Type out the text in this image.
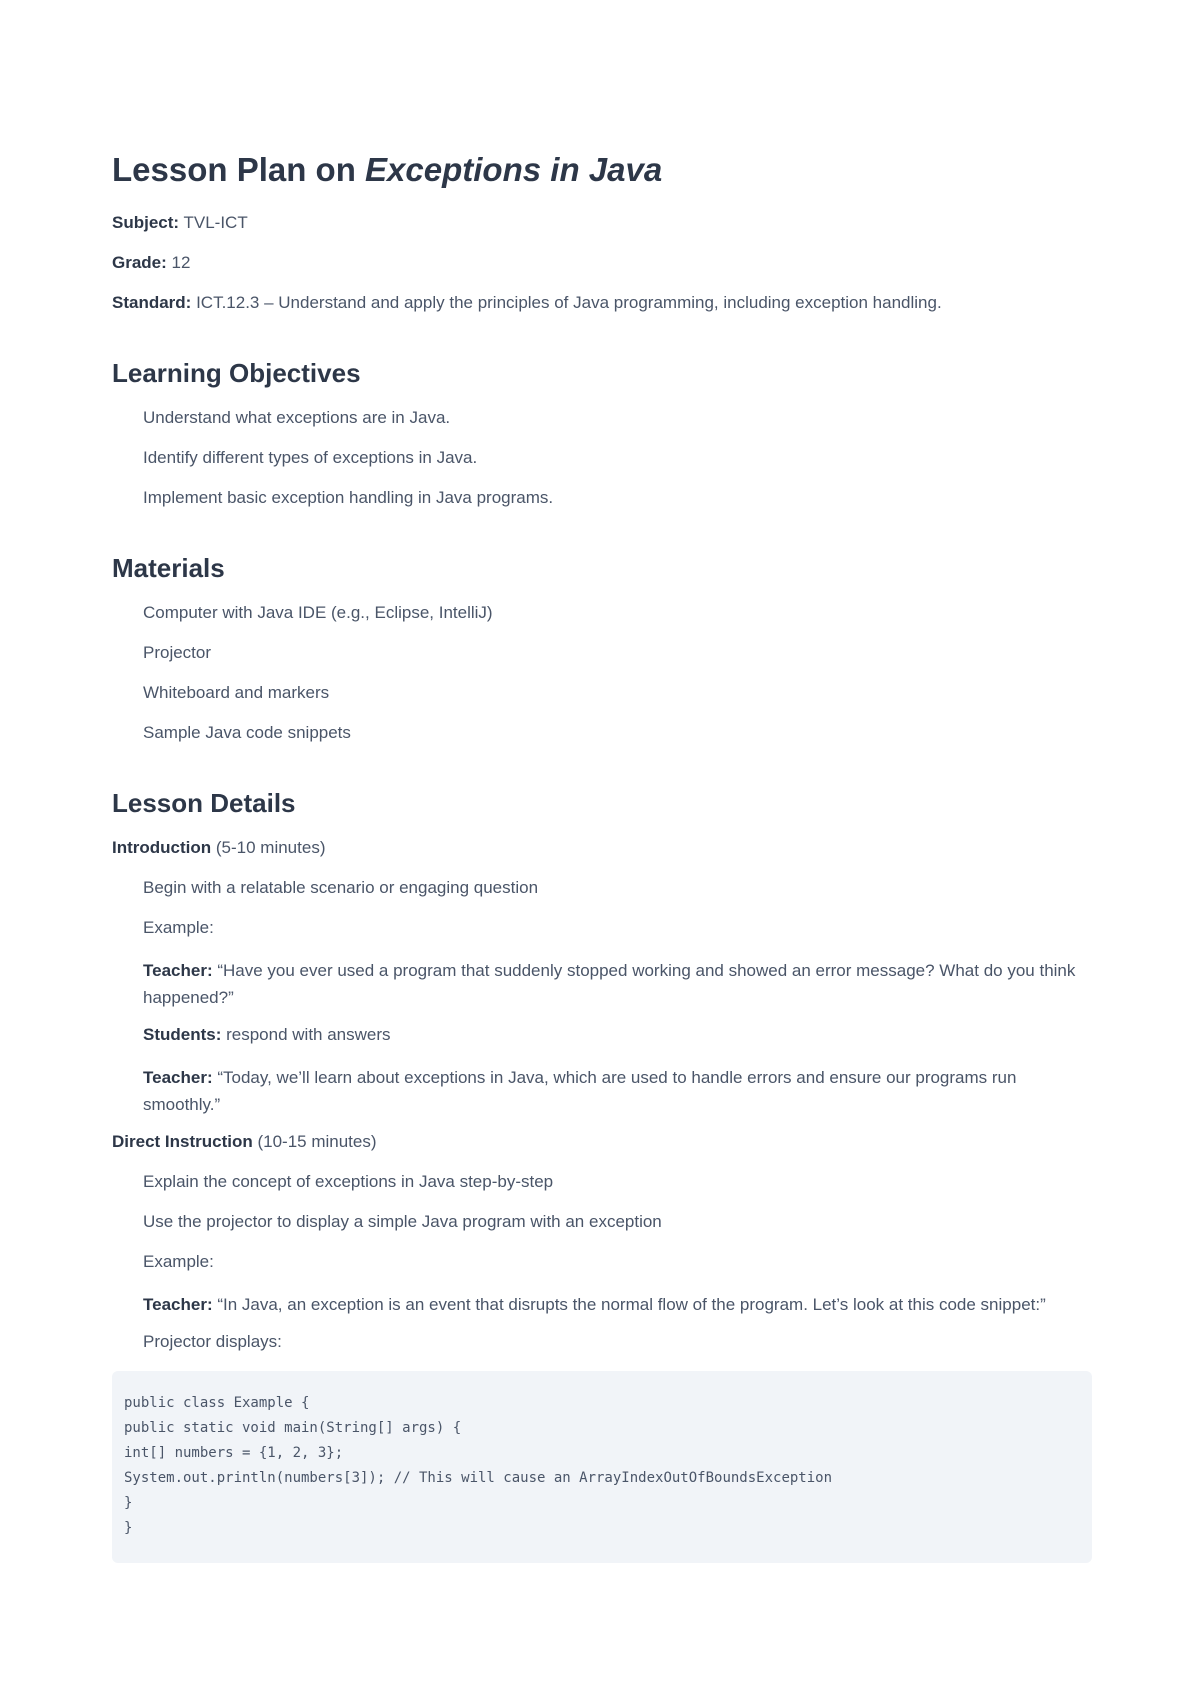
Lesson Plan on Exceptions in Java

Subject: TVL-ICT

Grade: 12

Standard: ICT.12.3 – Understand and apply the principles of Java programming, including exception handling.

Learning Objectives

Understand what exceptions are in Java.

Identify different types of exceptions in Java.

Implement basic exception handling in Java programs.

Materials

Computer with Java IDE (e.g., Eclipse, IntelliJ)

Projector

Whiteboard and markers

Sample Java code snippets

Lesson Details

Introduction (5-10 minutes)

Begin with a relatable scenario or engaging question

Example:

Teacher: “Have you ever used a program that suddenly stopped working and showed an error message? What do you think happened?”

Students: respond with answers

Teacher: “Today, we’ll learn about exceptions in Java, which are used to handle errors and ensure our programs run smoothly.”

Direct Instruction (10-15 minutes)

Explain the concept of exceptions in Java step-by-step

Use the projector to display a simple Java program with an exception

Example:

Teacher: “In Java, an exception is an event that disrupts the normal flow of the program. Let’s look at this code snippet:”

Projector displays:

public class Example {
public static void main(String[] args) {
int[] numbers = {1, 2, 3};
System.out.println(numbers[3]); // This will cause an ArrayIndexOutOfBoundsException
}
}
